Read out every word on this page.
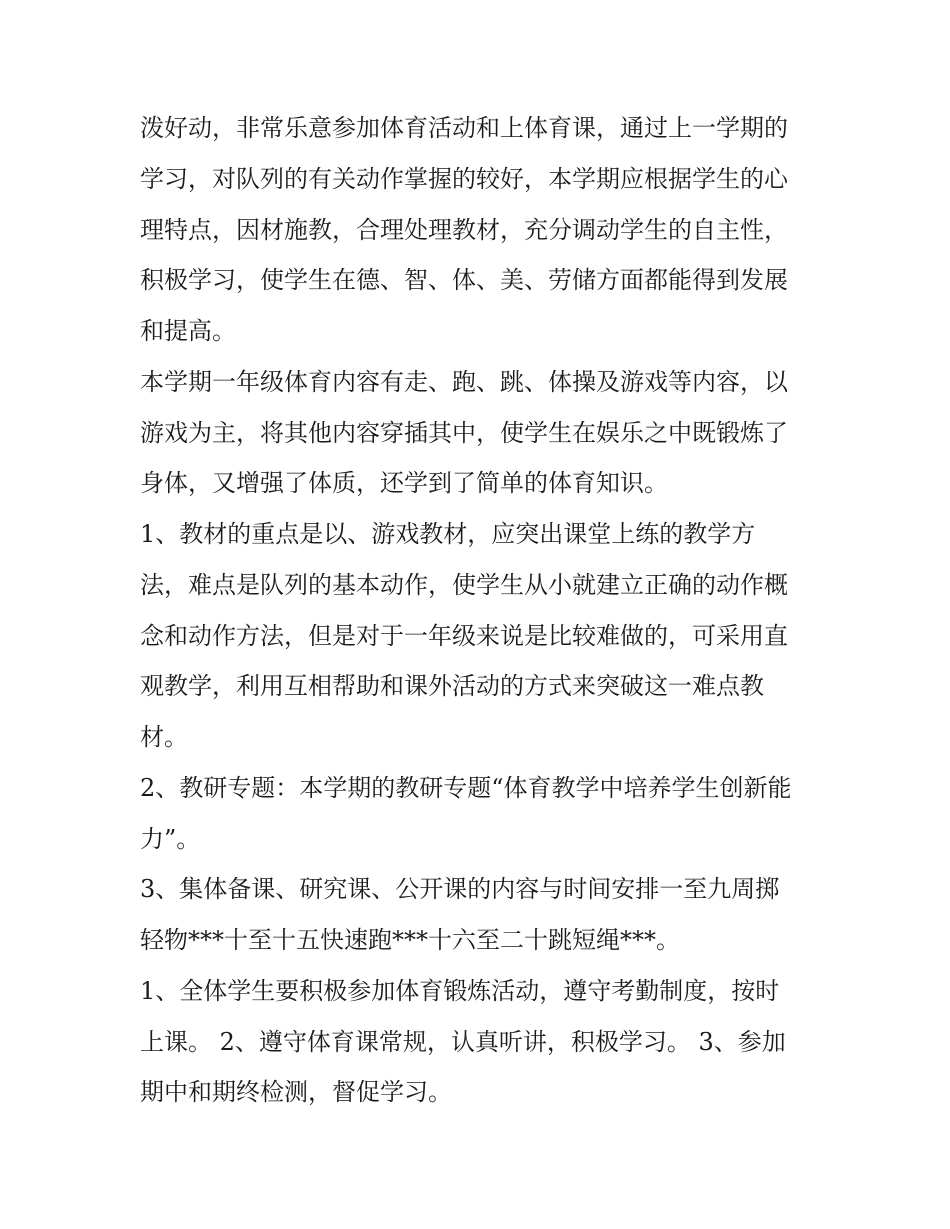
泼好动，非常乐意参加体育活动和上体育课，通过上一学期的
学习，对队列的有关动作掌握的较好，本学期应根据学生的心
理特点，因材施教，合理处理教材，充分调动学生的自主性，
积极学习，使学生在德、智、体、美、劳储方面都能得到发展
和提高。
本学期一年级体育内容有走、跑、跳、体操及游戏等内容，以
游戏为主，将其他内容穿插其中，使学生在娱乐之中既锻炼了
身体，又增强了体质，还学到了简单的体育知识。
1、教材的重点是以、游戏教材，应突出课堂上练的教学方
法，难点是队列的基本动作，使学生从小就建立正确的动作概
念和动作方法，但是对于一年级来说是比较难做的，可采用直
观教学，利用互相帮助和课外活动的方式来突破这一难点教
材。
2、教研专题：本学期的教研专题“体育教学中培养学生创新能
力”。
3、集体备课、研究课、公开课的内容与时间安排一至九周掷
轻物***十至十五快速跑***十六至二十跳短绳***。
1、全体学生要积极参加体育锻炼活动，遵守考勤制度，按时
上课。 2、遵守体育课常规，认真听讲，积极学习。 3、参加
期中和期终检测，督促学习。
